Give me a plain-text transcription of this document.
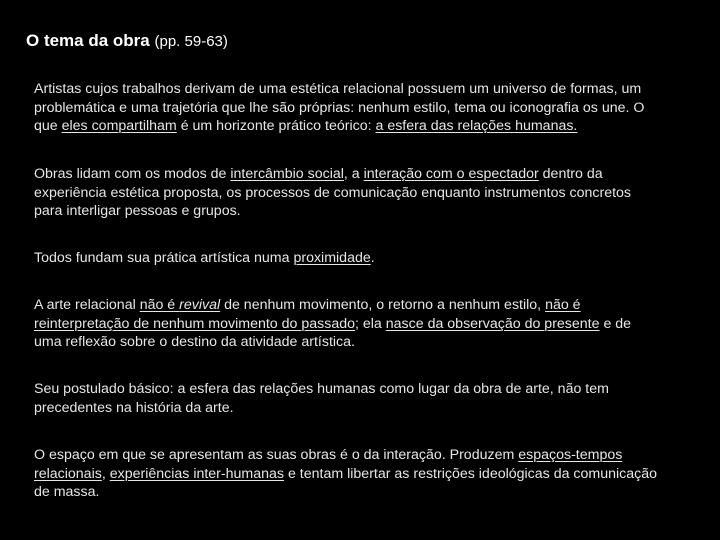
O tema da obra (pp. 59-63)
Artistas cujos trabalhos derivam de uma estética relacional possuem um universo de formas, um
problemática e uma trajetória que lhe são próprias: nenhum estilo, tema ou iconografia os une. O
que eles compartilham é um horizonte prático teórico: a esfera das relações humanas.
Obras lidam com os modos de intercâmbio social, a interação com o espectador dentro da
experiência estética proposta, os processos de comunicação enquanto instrumentos concretos
para interligar pessoas e grupos.
Todos fundam sua prática artística numa proximidade.
A arte relacional não é revival de nenhum movimento, o retorno a nenhum estilo, não é
reinterpretação de nenhum movimento do passado; ela nasce da observação do presente e de
uma reflexão sobre o destino da atividade artística.
Seu postulado básico: a esfera das relações humanas como lugar da obra de arte, não tem
precedentes na história da arte.
O espaço em que se apresentam as suas obras é o da interação. Produzem espaços-tempos
relacionais, experiências inter-humanas e tentam libertar as restrições ideológicas da comunicação
de massa.
